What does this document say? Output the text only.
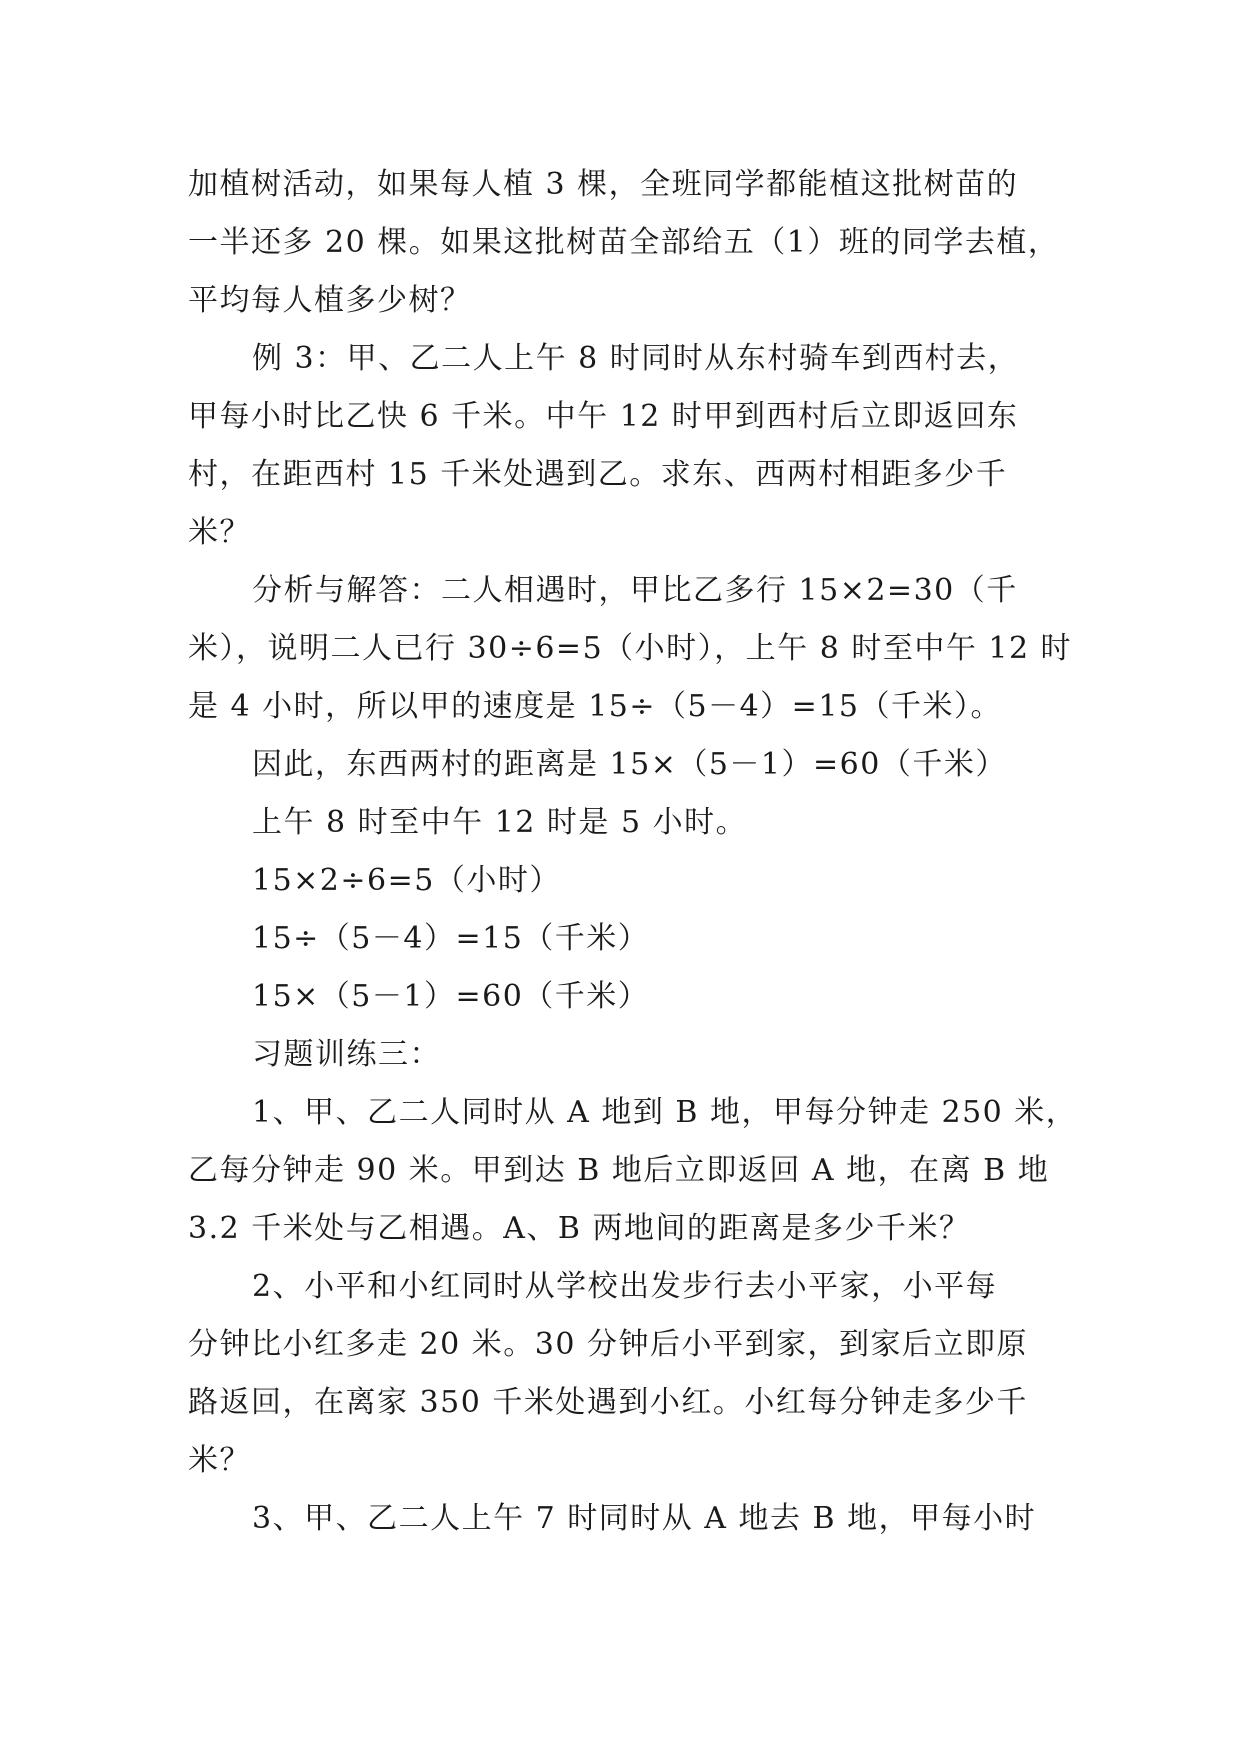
加植树活动，如果每人植 3 棵，全班同学都能植这批树苗的
一半还多 20 棵。如果这批树苗全部给五（1）班的同学去植，
平均每人植多少树？
例 3：甲、乙二人上午 8 时同时从东村骑车到西村去，
甲每小时比乙快 6 千米。中午 12 时甲到西村后立即返回东
村，在距西村 15 千米处遇到乙。求东、西两村相距多少千
米？
分析与解答：二人相遇时，甲比乙多行 15×2=30（千
米），说明二人已行 30÷6=5（小时），上午 8 时至中午 12 时
是 4 小时，所以甲的速度是 15÷（5－4）=15（千米）。
因此，东西两村的距离是 15×（5－1）=60（千米）
上午 8 时至中午 12 时是 5 小时。
15×2÷6=5（小时）
15÷（5－4）=15（千米）
15×（5－1）=60（千米）
习题训练三：
1、甲、乙二人同时从 A 地到 B 地，甲每分钟走 250 米，
乙每分钟走 90 米。甲到达 B 地后立即返回 A 地，在离 B 地
3.2 千米处与乙相遇。A、B 两地间的距离是多少千米？
2、小平和小红同时从学校出发步行去小平家，小平每
分钟比小红多走 20 米。30 分钟后小平到家，到家后立即原
路返回，在离家 350 千米处遇到小红。小红每分钟走多少千
米？
3、甲、乙二人上午 7 时同时从 A 地去 B 地，甲每小时
